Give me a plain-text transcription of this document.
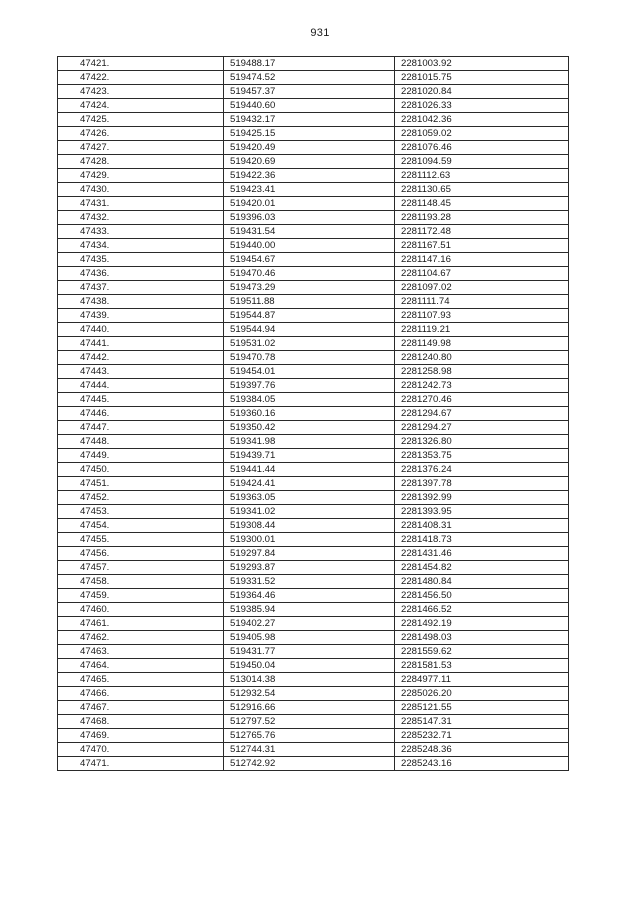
931
47421.	519488.17	2281003.92
47422.	519474.52	2281015.75
47423.	519457.37	2281020.84
47424.	519440.60	2281026.33
47425.	519432.17	2281042.36
47426.	519425.15	2281059.02
47427.	519420.49	2281076.46
47428.	519420.69	2281094.59
47429.	519422.36	2281112.63
47430.	519423.41	2281130.65
47431.	519420.01	2281148.45
47432.	519396.03	2281193.28
47433.	519431.54	2281172.48
47434.	519440.00	2281167.51
47435.	519454.67	2281147.16
47436.	519470.46	2281104.67
47437.	519473.29	2281097.02
47438.	519511.88	2281111.74
47439.	519544.87	2281107.93
47440.	519544.94	2281119.21
47441.	519531.02	2281149.98
47442.	519470.78	2281240.80
47443.	519454.01	2281258.98
47444.	519397.76	2281242.73
47445.	519384.05	2281270.46
47446.	519360.16	2281294.67
47447.	519350.42	2281294.27
47448.	519341.98	2281326.80
47449.	519439.71	2281353.75
47450.	519441.44	2281376.24
47451.	519424.41	2281397.78
47452.	519363.05	2281392.99
47453.	519341.02	2281393.95
47454.	519308.44	2281408.31
47455.	519300.01	2281418.73
47456.	519297.84	2281431.46
47457.	519293.87	2281454.82
47458.	519331.52	2281480.84
47459.	519364.46	2281456.50
47460.	519385.94	2281466.52
47461.	519402.27	2281492.19
47462.	519405.98	2281498.03
47463.	519431.77	2281559.62
47464.	519450.04	2281581.53
47465.	513014.38	2284977.11
47466.	512932.54	2285026.20
47467.	512916.66	2285121.55
47468.	512797.52	2285147.31
47469.	512765.76	2285232.71
47470.	512744.31	2285248.36
47471.	512742.92	2285243.16
